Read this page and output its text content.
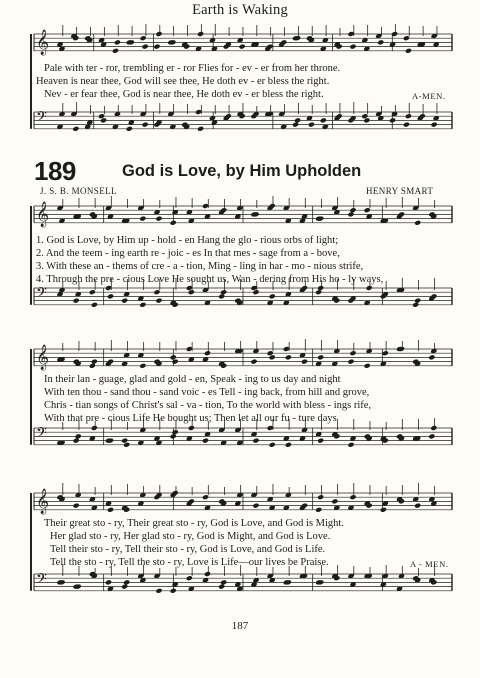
𝄞
𝄢
𝄞
𝄢
𝄞
𝄢
𝄞
𝄢
Earth is Waking
Pale with ter - ror, trembling er - ror Flies for - ev - er from her throne.
Heaven is near thee, God will see thee, He doth ev - er bless the right.
Nev - er fear thee, God is near thee, He doth ev - er bless the right.	A-MEN.
189	God is Love, by Him Upholden
J. S. B. MONSELL	HENRY SMART
1. God is Love, by Him up - hold - en Hang the glo - rious orbs of light;
2. And the teem - ing earth re - joic - es In that mes - sage from a - bove,
3. With these an - thems of cre - a - tion, Ming - ling in har - mo - nious strife,
4. Through the pre - cious Love He sought us, Wan - dering from His ho - ly ways,
In their lan - guage, glad and gold - en, Speak - ing to us day and night
With ten thou - sand thou - sand voic - es Tell - ing back, from hill and grove,
Chris - tian songs of Christ's sal - va - tion, To the world with bless - ings rife,
With that pre - cious Life He bought us; Then let all our fu - ture days
Their great sto - ry, Their great sto - ry, God is Love, and God is Might.
Her glad sto - ry, Her glad sto - ry, God is Might, and God is Love.
Tell their sto - ry, Tell their sto - ry, God is Love, and God is Life.
Tell the sto - ry, Tell the sto - ry, Love is Life—our lives be Praise.	A - MEN.
187
